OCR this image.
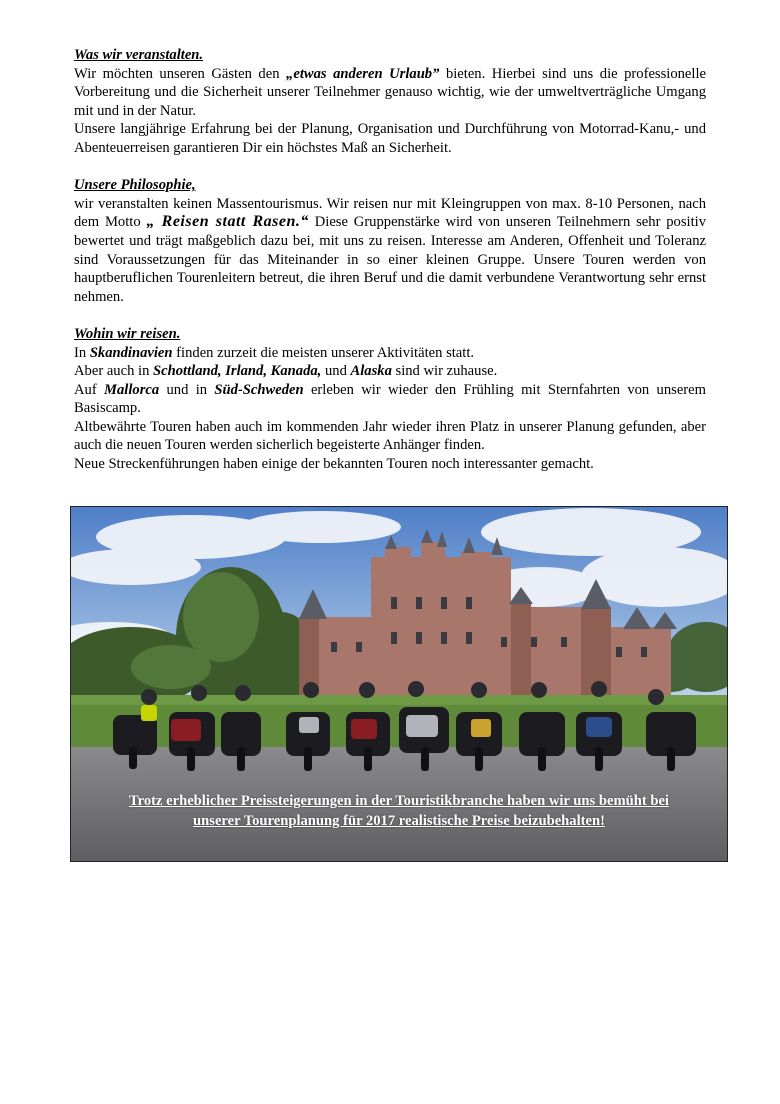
Was wir veranstalten.
Wir möchten unseren Gästen den „etwas anderen Urlaub” bieten. Hierbei sind uns die professionelle Vorbereitung und die Sicherheit unserer Teilnehmer genauso wichtig, wie der umweltverträgliche Umgang mit und in der Natur.
Unsere langjährige Erfahrung bei der Planung, Organisation und Durchführung von Motorrad-Kanu,- und Abenteuerreisen garantieren Dir ein höchstes Maß an Sicherheit.
Unsere Philosophie,
wir veranstalten keinen Massentourismus. Wir reisen nur mit Kleingruppen von max. 8-10 Personen, nach dem Motto „ Reisen statt Rasen.“ Diese Gruppenstärke wird von unseren Teilnehmern sehr positiv bewertet und trägt maßgeblich dazu bei, mit uns zu reisen. Interesse am Anderen, Offenheit und Toleranz sind Voraussetzungen für das Miteinander in so einer kleinen Gruppe. Unsere Touren werden von hauptberuflichen Tourenleitern betreut, die ihren Beruf und die damit verbundene Verantwortung sehr ernst nehmen.
Wohin wir reisen.
In Skandinavien finden zurzeit die meisten unserer Aktivitäten statt.
Aber auch in Schottland, Irland, Kanada, und Alaska sind wir zuhause.
Auf Mallorca und in Süd-Schweden erleben wir wieder den Frühling mit Sternfahrten von unserem Basiscamp.
Altbewährte Touren haben auch im kommenden Jahr wieder ihren Platz in unserer Planung gefunden, aber auch die neuen Touren werden sicherlich begeisterte Anhänger finden.
Neue Streckenführungen haben einige der bekannten Touren noch interessanter gemacht.
Trotz erheblicher Preissteigerungen in der Touristikbranche haben wir uns bemüht bei
unserer Tourenplanung für 2017 realistische Preise beizubehalten!
